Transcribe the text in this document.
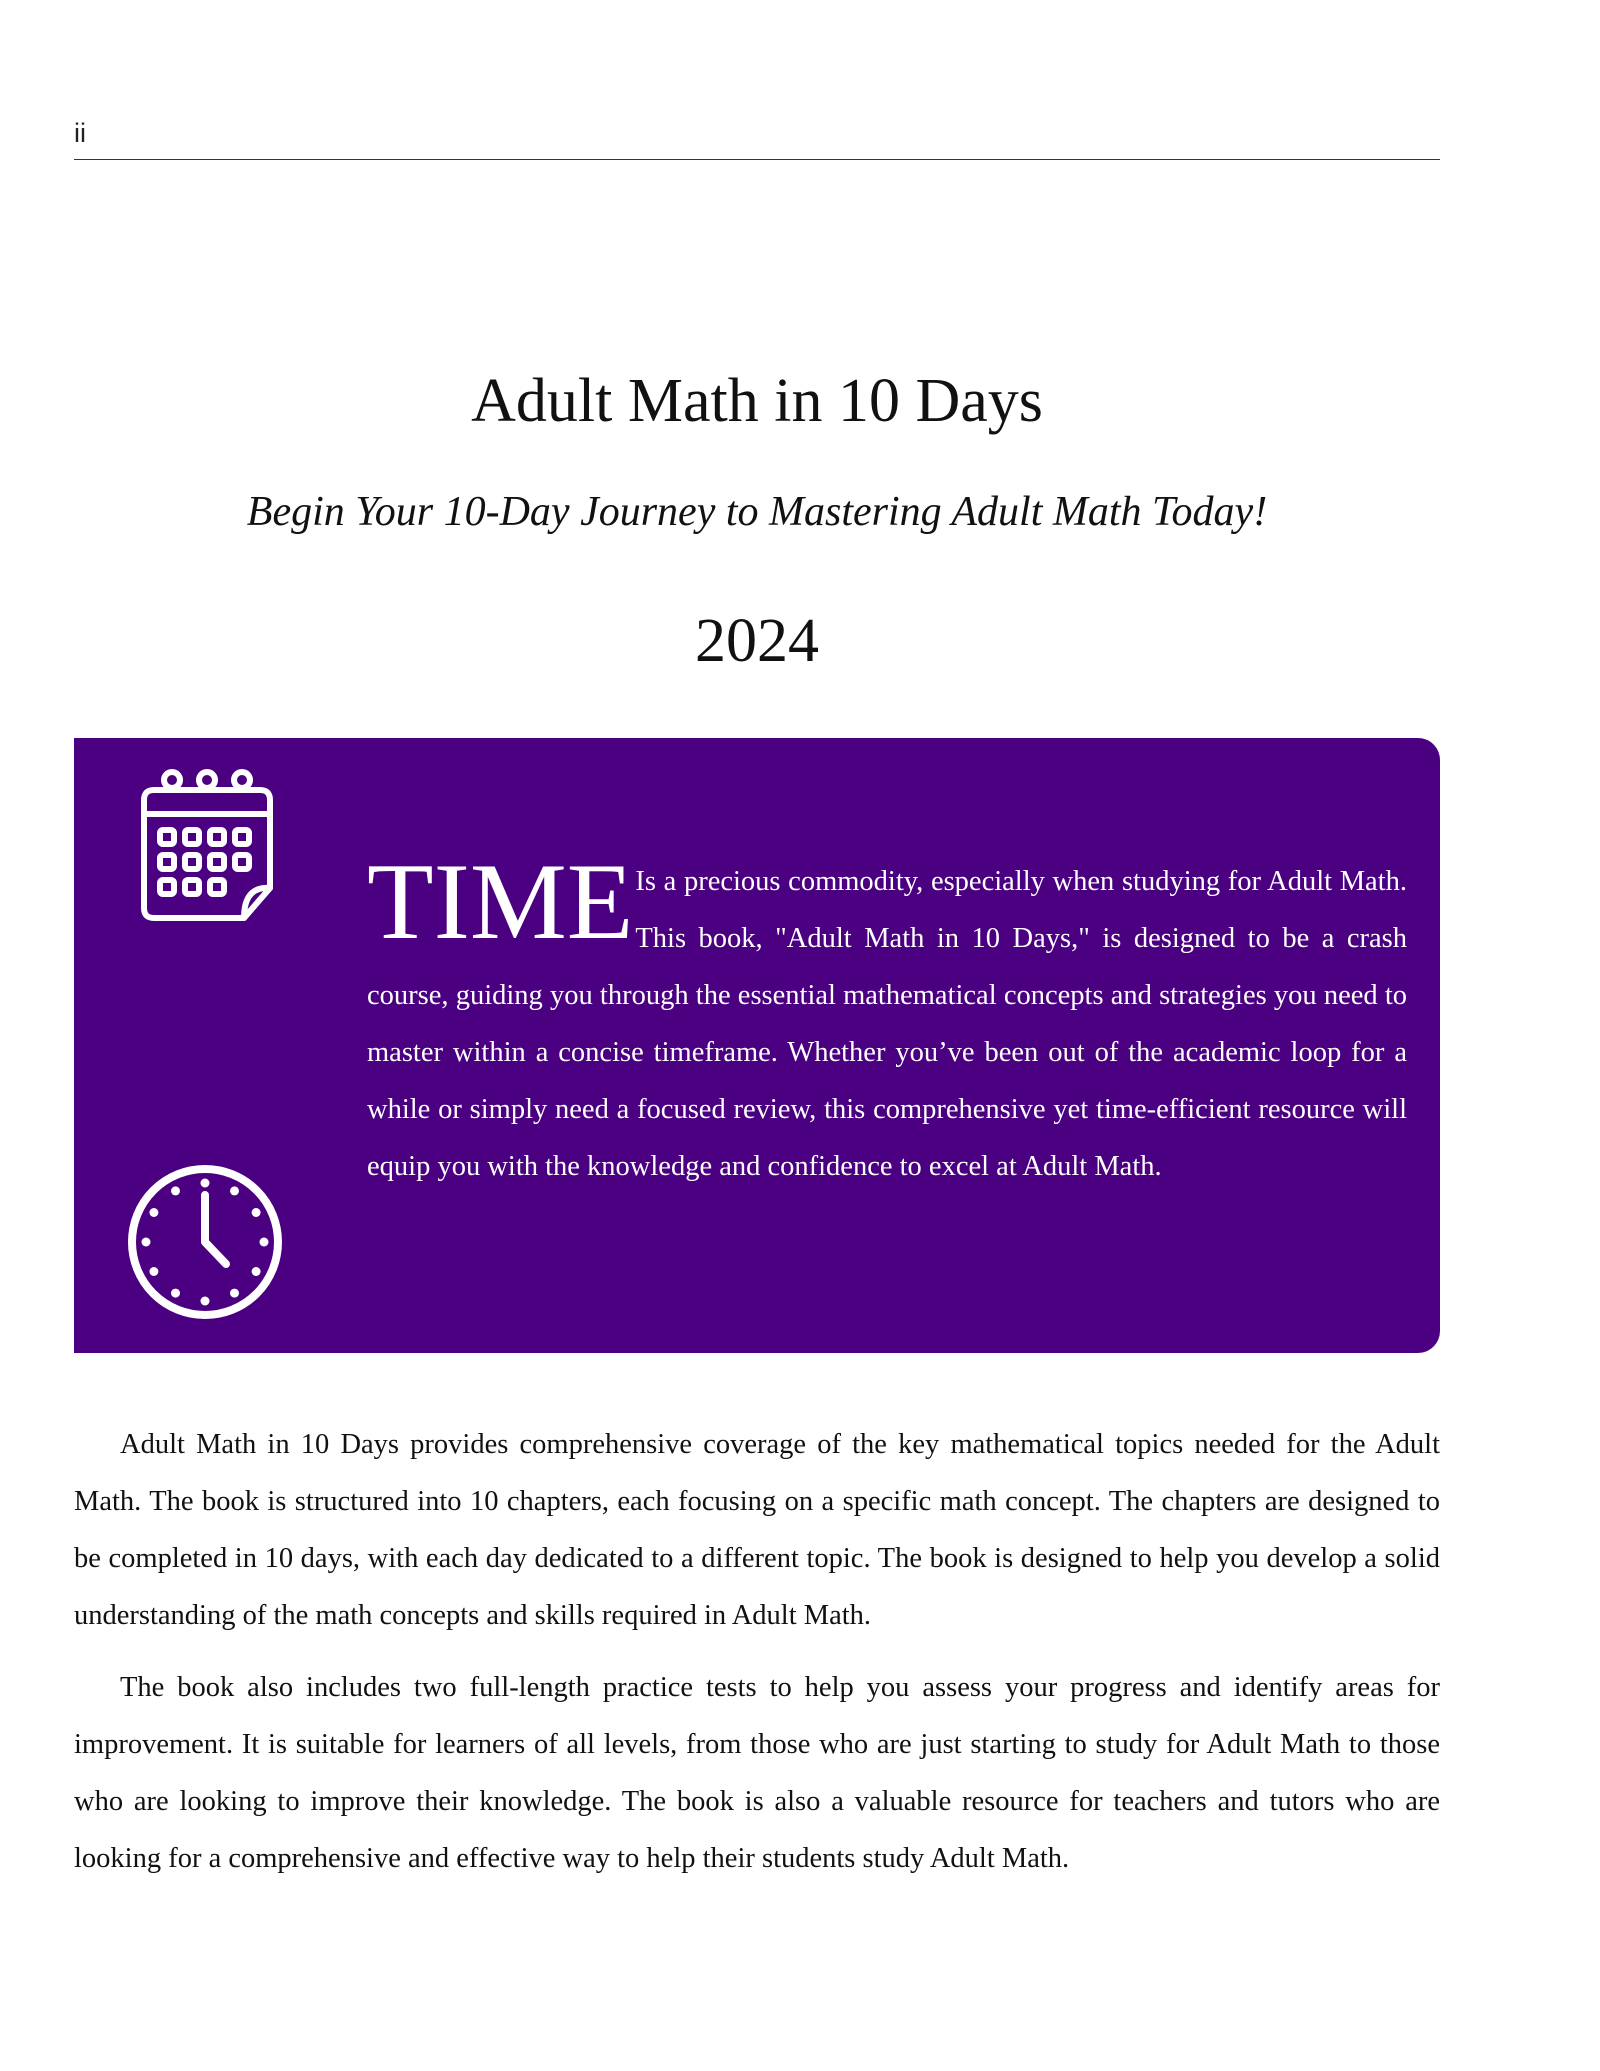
ii
Adult Math in 10 Days
Begin Your 10-Day Journey to Mastering Adult Math Today!
2024

TIME Is a precious commodity, especially when studying for Adult Math. This book, "Adult Math in 10 Days," is designed to be a crash course, guiding you through the essential mathematical concepts and strategies you need to master within a concise timeframe. Whether you’ve been out of the academic loop for a while or simply need a focused review, this comprehensive yet time-efficient resource will equip you with the knowledge and confidence to excel at Adult Math.

Adult Math in 10 Days provides comprehensive coverage of the key mathematical topics needed for the Adult Math. The book is structured into 10 chapters, each focusing on a specific math concept. The chapters are designed to be completed in 10 days, with each day dedicated to a different topic. The book is designed to help you develop a solid understanding of the math concepts and skills required in Adult Math.

The book also includes two full-length practice tests to help you assess your progress and identify areas for improvement. It is suitable for learners of all levels, from those who are just starting to study for Adult Math to those who are looking to improve their knowledge. The book is also a valuable resource for teachers and tutors who are looking for a comprehensive and effective way to help their students study Adult Math.
